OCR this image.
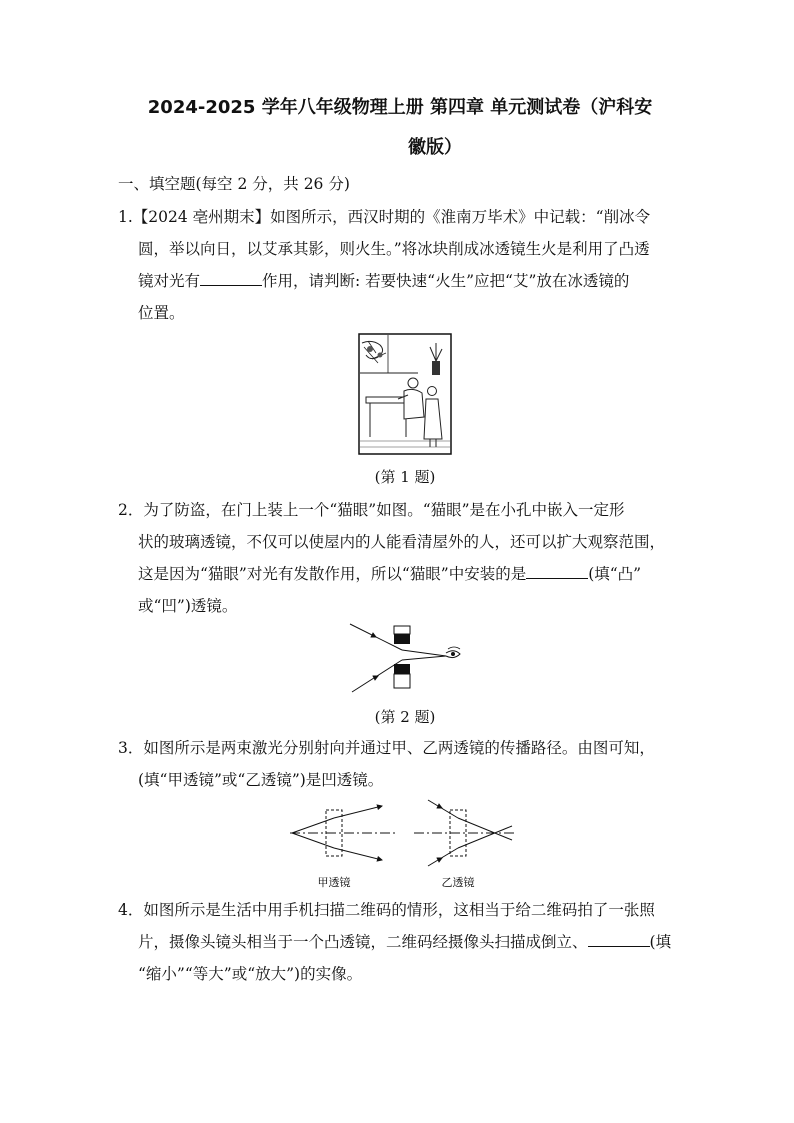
2024-2025 学年八年级物理上册 第四章 单元测试卷（沪科安
徽版）
一、填空题(每空 2 分，共 26 分)
1.【2024 亳州期末】如图所示，西汉时期的《淮南万毕术》中记载：“削冰令
圆，举以向日，以艾承其影，则火生。”将冰块削成冰透镜生火是利用了凸透
镜对光有	作用，请判断: 若要快速“火生”应把“艾”放在冰透镜的
位置。
(第 1 题)
2．为了防盗，在门上装上一个“猫眼”如图。“猫眼”是在小孔中嵌入一定形
状的玻璃透镜，不仅可以使屋内的人能看清屋外的人，还可以扩大观察范围，
这是因为“猫眼”对光有发散作用，所以“猫眼”中安装的是	(填“凸”
或“凹”)透镜。
(第 2 题)
3．如图所示是两束激光分别射向并通过甲、乙两透镜的传播路径。由图可知，
(填“甲透镜”或“乙透镜”)是凹透镜。
甲透镜	乙透镜
4．如图所示是生活中用手机扫描二维码的情形，这相当于给二维码拍了一张照
片，摄像头镜头相当于一个凸透镜，二维码经摄像头扫描成倒立、	(填
“缩小”“等大”或“放大”)的实像。
